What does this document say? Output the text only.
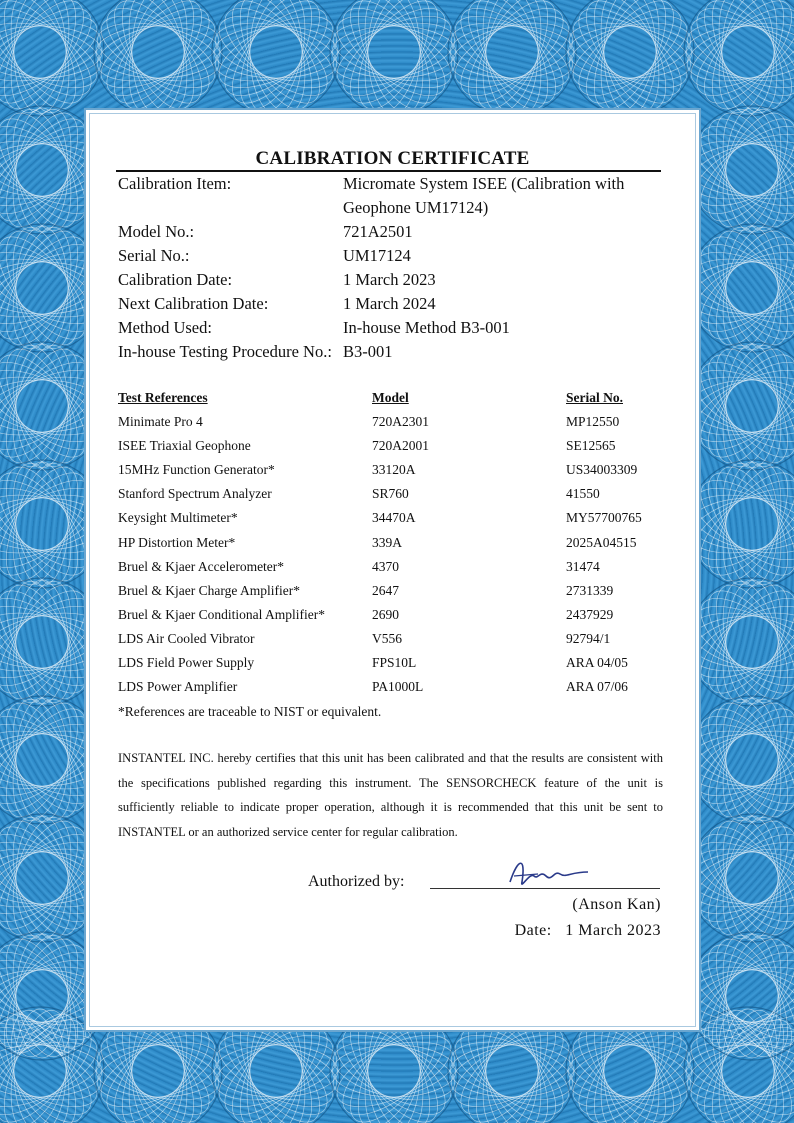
CALIBRATION CERTIFICATE
Calibration Item:	Micromate System ISEE (Calibration with
Geophone UM17124)
Model No.:	721A2501
Serial No.:	UM17124
Calibration Date:	1 March 2023
Next Calibration Date:	1 March 2024
Method Used:	In-house Method B3-001
In-house Testing Procedure No.: B3-001
Test References	Model	Serial No.
Minimate Pro 4	720A2301	MP12550
ISEE Triaxial Geophone	720A2001	SE12565
15MHz Function Generator*	33120A	US34003309
Stanford Spectrum Analyzer	SR760	41550
Keysight Multimeter*	34470A	MY57700765
HP Distortion Meter*	339A	2025A04515
Bruel & Kjaer Accelerometer*	4370	31474
Bruel & Kjaer Charge Amplifier*	2647	2731339
Bruel & Kjaer Conditional Amplifier*	2690	2437929
LDS Air Cooled Vibrator	V556	92794/1
LDS Field Power Supply	FPS10L	ARA 04/05
LDS Power Amplifier	PA1000L	ARA 07/06
*References are traceable to NIST or equivalent.
INSTANTEL INC. hereby certifies that this unit has been calibrated and that the results are consistent with the specifications published regarding this instrument. The SENSORCHECK feature of the unit is sufficiently reliable to indicate proper operation, although it is recommended that this unit be sent to INSTANTEL or an authorized service center for regular calibration.
Authorized by:
(Anson Kan)
Date: 1 March 2023
